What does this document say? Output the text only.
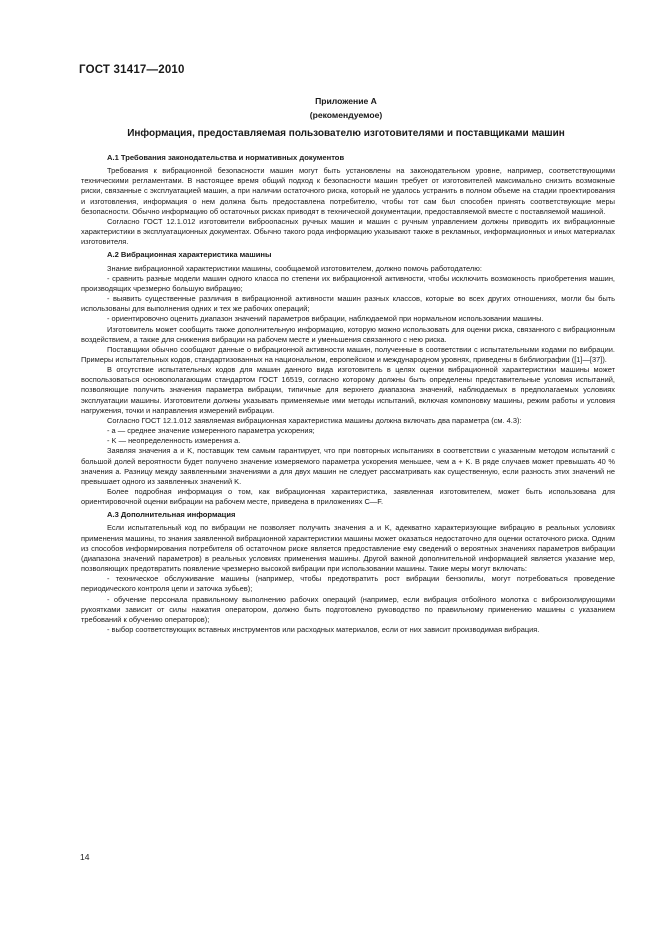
ГОСТ 31417—2010
Приложение А
(рекомендуемое)
Информация, предоставляемая пользователю изготовителями и поставщиками машин
А.1 Требования законодательства и нормативных документов

Требования к вибрационной безопасности машин могут быть установлены на законодательном уровне, например, соответствующими техническими регламентами. В настоящее время общий подход к безопасности машин требует от изготовителей максимально снизить возможные риски, связанные с эксплуатацией машин, а при наличии остаточного риска, который не удалось устранить в полном объеме на стадии проектирования и изготовления, информация о нем должна быть предоставлена потребителю, чтобы тот сам был способен принять соответствующие меры безопасности. Обычно информацию об остаточных рисках приводят в технической документации, предоставляемой вместе с поставляемой машиной.

Согласно ГОСТ 12.1.012 изготовители виброопасных ручных машин и машин с ручным управлением должны приводить их вибрационные характеристики в эксплуатационных документах. Обычно такого рода информацию указывают также в рекламных, информационных и иных материалах изготовителя.

А.2 Вибрационная характеристика машины

Знание вибрационной характеристики машины, сообщаемой изготовителем, должно помочь работодателю:

- сравнить разные модели машин одного класса по степени их вибрационной активности, чтобы исключить возможность приобретения машин, производящих чрезмерно большую вибрацию;

- выявить существенные различия в вибрационной активности машин разных классов, которые во всех других отношениях, могли бы быть использованы для выполнения одних и тех же рабочих операций;

- ориентировочно оценить диапазон значений параметров вибрации, наблюдаемой при нормальном использовании машины.

Изготовитель может сообщить также дополнительную информацию, которую можно использовать для оценки риска, связанного с вибрационным воздействием, а также для снижения вибрации на рабочем месте и уменьшения связанного с нею риска.

Поставщики обычно сообщают данные о вибрационной активности машин, полученные в соответствии с испытательными кодами по вибрации. Примеры испытательных кодов, стандартизованных на национальном, европейском и международном уровнях, приведены в библиографии ([1]—[37]).

В отсутствие испытательных кодов для машин данного вида изготовитель в целях оценки вибрационной характеристики машины может воспользоваться основополагающим стандартом ГОСТ 16519, согласно которому должны быть определены представительные условия испытаний, позволяющие получить значения параметра вибрации, типичные для верхнего диапазона значений, наблюдаемых в предполагаемых условиях эксплуатации машины. Изготовители должны указывать применяемые ими методы испытаний, включая компоновку машины, режим работы и условия нагружения, точки и направления измерений вибрации.

Согласно ГОСТ 12.1.012 заявляемая вибрационная характеристика машины должна включать два параметра (см. 4.3):

- a — среднее значение измеренного параметра ускорения;

- K — неопределенность измерения a.

Заявляя значения a и K, поставщик тем самым гарантирует, что при повторных испытаниях в соответствии с указанным методом испытаний с большой долей вероятности будет получено значение измеряемого параметра ускорения меньшее, чем a + K. В ряде случаев может превышать 40 % значения a. Разницу между заявленными значениями a для двух машин не следует рассматривать как существенную, если разность этих значений не превышает одного из заявленных значений K.

Более подробная информация о том, как вибрационная характеристика, заявленная изготовителем, может быть использована для ориентировочной оценки вибрации на рабочем месте, приведена в приложениях С—F.

А.3 Дополнительная информация

Если испытательный код по вибрации не позволяет получить значения a и K, адекватно характеризующие вибрацию в реальных условиях применения машины, то знания заявленной вибрационной характеристики машины может оказаться недостаточно для оценки остаточного риска. Одним из способов информирования потребителя об остаточном риске является предоставление ему сведений о вероятных значениях параметров вибрации (диапазона значений параметров) в реальных условиях применения машины. Другой важной дополнительной информацией является указание мер, позволяющих предотвратить появление чрезмерно высокой вибрации при использовании машины. Такие меры могут включать:

- техническое обслуживание машины (например, чтобы предотвратить рост вибрации бензопилы, могут потребоваться проведение периодического контроля цепи и заточка зубьев);

- обучение персонала правильному выполнению рабочих операций (например, если вибрация отбойного молотка с виброизолирующими рукоятками зависит от силы нажатия оператором, должно быть подготовлено руководство по правильному применению машины с указанием требований к обучению операторов);

- выбор соответствующих вставных инструментов или расходных материалов, если от них зависит производимая вибрация.

14
